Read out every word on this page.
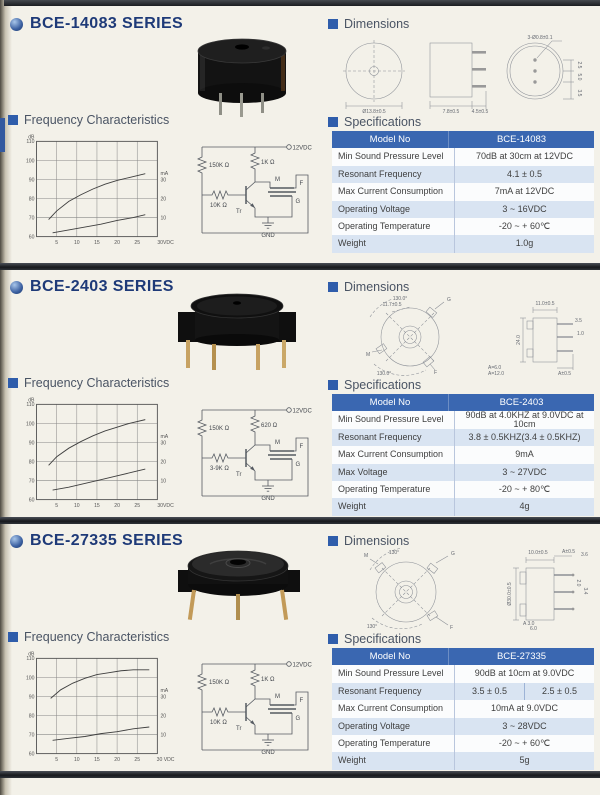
BCE-14083 SERIES	Dimensions
Ø13.8±0.5	7.8±0.5 4.5±0.5
3-Ø0.8±0.1
2.5
5.0
3.5
Frequency Characteristics
5	10	15	20	25
60
70
80
90
100
110
10
20
30
dB
mA
30VDC
12VDC
150K Ω	1K Ω
10K Ω
Tr
M
F
G
GND
Specifications
Model No	BCE-14083
Min Sound Pressure Level	70dB at 30cm at 12VDC
Resonant Frequency	4.1 ± 0.5
Max Current Consumption	7mA at 12VDC
Operating Voltage	3 ~ 16VDC
Operating Temperature	-20 ~ + 60℃
Weight	1.0g
BCE-2403 SERIES	Dimensions
130.0°
11.7±0.5
G
M
F
130.0°
A=6.0
A=12.0
11.0±0.5
24.0
3.5
1.0
A±0.5
Frequency Characteristics
5	10	15	20	25
60
70
80
90
100
110
10
20
30
dB
mA
30VDC
12VDC
150K Ω	620 Ω
3-9K Ω
Tr
M
F
G
GND
Specifications
Model No	BCE-2403
Min Sound Pressure Level	90dB at 4.0KHZ at 9.0VDC at 10cm
Resonant Frequency	3.8 ± 0.5KHZ(3.4 ± 0.5KHZ)
Max Current Consumption	9mA
Max Voltage	3 ~ 27VDC
Operating Temperature	-20 ~ + 80℃
Weight	4g
BCE-27335 SERIES	Dimensions
130°
M	G
F
130°
10.0±0.5	A±0.5 3.6
2.0
3.4
Ø30.0±0.5
A 3.0
6.0
Frequency Characteristics
5	10	15	20	25
60
70
80
90
100
110
10
20
30
dB
mA
30 VDC
12VDC
150K Ω	1K Ω
10K Ω
Tr
M
F
G
GND
Specifications
Model No	BCE-27335
Min Sound Pressure Level	90dB at 10cm at 9.0VDC
Resonant Frequency	3.5 ± 0.5	2.5 ± 0.5
Max Current Consumption	10mA at 9.0VDC
Operating Voltage	3 ~ 28VDC
Operating Temperature	-20 ~ + 60℃
Weight	5g
